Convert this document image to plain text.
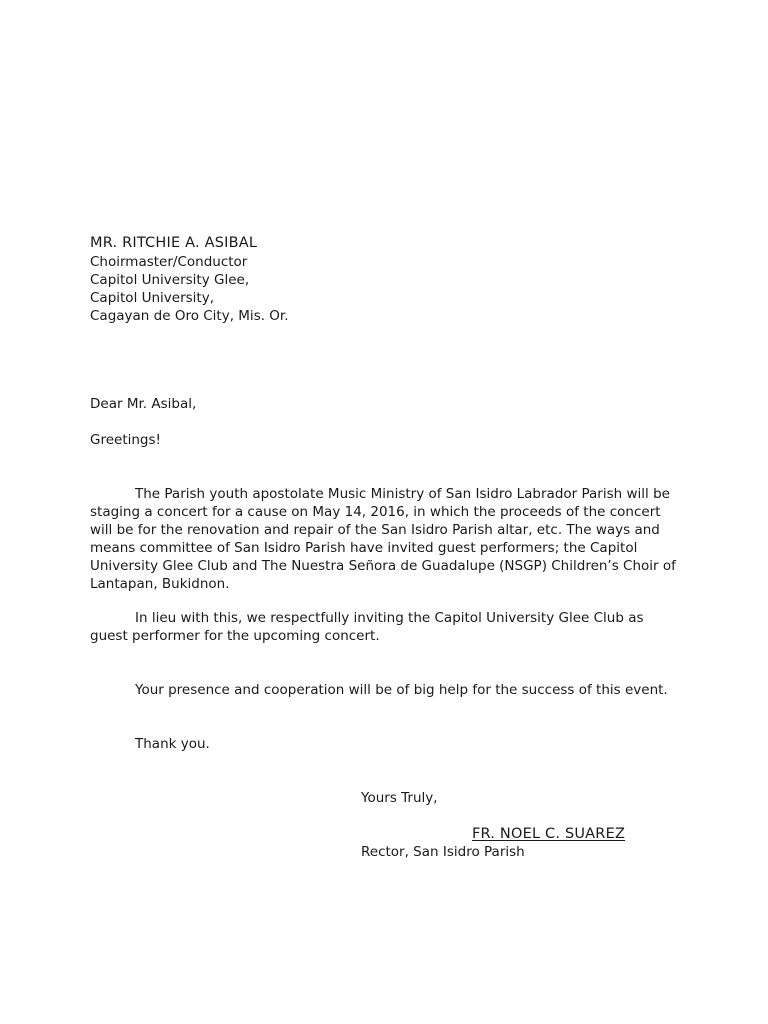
MR. RITCHIE A. ASIBAL
Choirmaster/Conductor
Capitol University Glee,
Capitol University,
Cagayan de Oro City, Mis. Or.
Dear Mr. Asibal,
Greetings!

The Parish youth apostolate Music Ministry of San Isidro Labrador Parish will be staging a concert for a cause on May 14, 2016, in which the proceeds of the concert will be for the renovation and repair of the San Isidro Parish altar, etc. The ways and means committee of San Isidro Parish have invited guest performers; the Capitol University Glee Club and The Nuestra Señora de Guadalupe (NSGP) Children’s Choir of Lantapan, Bukidnon.

In lieu with this, we respectfully inviting the Capitol University Glee Club as guest performer for the upcoming concert.

Your presence and cooperation will be of big help for the success of this event.

Thank you.
Yours Truly,
FR. NOEL C. SUAREZ
Rector, San Isidro Parish
